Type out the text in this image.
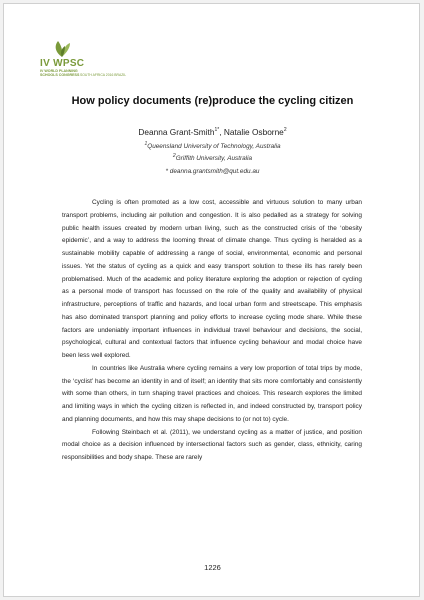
IV WPSC
IV WORLD PLANNING
SCHOOLS CONGRESS SOUTH AFRICA 2016 BRAZIL
How policy documents (re)produce the cycling citizen
Deanna Grant-Smith$^{1*}$, Natalie Osborne$^2$
$^1$Queensland University of Technology, Australia
$^2$Griffith University, Australia
* deanna.grantsmith@qut.edu.au

Cycling is often promoted as a low cost, accessible and virtuous solution to many urban transport problems, including air pollution and congestion. It is also pedalled as a strategy for solving public health issues created by modern urban living, such as the constructed crisis of the ‘obesity epidemic’, and a way to address the looming threat of climate change. Thus cycling is heralded as a sustainable mobility capable of addressing a range of social, environmental, economic and personal issues. Yet the status of cycling as a quick and easy transport solution to these ills has rarely been problematised. Much of the academic and policy literature exploring the adoption or rejection of cycling as a personal mode of transport has focussed on the role of the quality and availability of physical infrastructure, perceptions of traffic and hazards, and local urban form and streetscape. This emphasis has also dominated transport planning and policy efforts to increase cycling mode share. While these factors are undeniably important influences in individual travel behaviour and decisions, the social, psychological, cultural and contextual factors that influence cycling behaviour and modal choice have been less well explored.

In countries like Australia where cycling remains a very low proportion of total trips by mode, the ‘cyclist’ has become an identity in and of itself; an identity that sits more comfortably and consistently with some than others, in turn shaping travel practices and choices. This research explores the limited and limiting ways in which the cycling citizen is reflected in, and indeed constructed by, transport policy and planning documents, and how this may shape decisions to (or not to) cycle.

Following Steinbach et al. (2011), we understand cycling as a matter of justice, and position modal choice as a decision influenced by intersectional factors such as gender, class, ethnicity, caring responsibilities and body shape. These are rarely

1226
